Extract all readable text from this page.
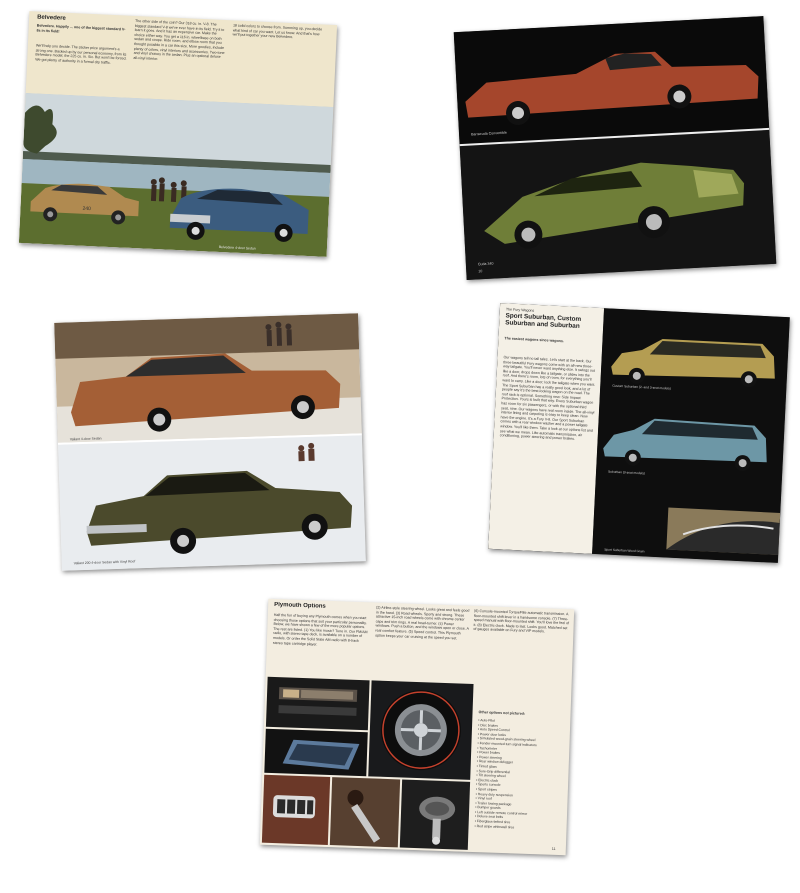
Belvedere
Belvedere. Happily ... one of the biggest standard V-8s in its field!
We'll help you decide. The sticker price argument's a strong one. Backed up by our personal economy, from its Belvedere model, the 225 cu. in. Six. But won't be forced. We got plenty of authority in a formal city traffic.
The other side of the coin? Our 318 cu. in. V-8. The biggest standard V-8 we've ever have in its field. Try it to learn it goes. And it has an expensive car. Make the choice either way. You get a 116 in. wheelbase on both sedan and coupe. Ride room, and elbow room that you thought possible in a car this size. More goodies, include plenty of colors, vinyl interiors and accessories. Two-tone and vinyl choices in the sedan. Plus an optional deluxe all-vinyl interior.
18 solid colors to choose from. Summing up, you decide what kind of car you want. Let us know. And that's how we'll put together your new Belvedere.
240
Belvedere 4-door Sedan
Barracuda Convertible
Cuda 340
10
Valiant 4-door Sedan
Valiant 200 4-door Sedan with Vinyl Roof
The Fury Wagons
Sport Suburban, Custom Suburban and Suburban
The easiest wagons since wagons.
Our wagons tell no tall tales. Let's start at the back. Our three beautiful Fury wagons come with an all-new three-way tailgate. You'll never want anything else. It swings out like a door, drops down like a tailgate, or slides into the roof. And there's room, lots of room, for everything you'll want to carry. Like a door; lock the tailgate when you want. The Sport Suburban has a really good look, and a lot of people say it's the best-looking wagon on the road. The roof rack is optional. Something new: Side Impact Protection. Yours is built that way. Every Suburban wagon has room for six passengers, or with the optional third seat, nine. Our wagons have real room inside. The all-vinyl interior lining and carpeting is easy to keep clean. Now have the engine. It's a Fury V-8. Our Sport Suburban comes with a rear window washer and a power tailgate window. You'll like them. Take a look at our options list and see what we mean. Like automatic transmission, air conditioning, power steering and power brakes.
Custom Suburban (2- and 3-seat models)
Suburban (3-seat models)
Sport Suburban Wood Grain
Plymouth Options
Half the fun of buying any Plymouth comes when you start choosing those options that suit your particular personality. Below, we have shown a few of the more popular options. The rest are listed. (1) You like music? Tune in. Our FM/AM radio, with stereo tape deck, is available on a number of models. Or order the Solid State AM radio with 8-track stereo tape cartridge player.
(2) Airline-style steering wheel. Looks great and feels good in the hand. (3) Road wheels. Sporty and strong. These attractive 15-inch road wheels come with chrome center caps and trim rings. A real head-turner. (4) Power windows. Push a button, and the windows open or close. A real comfort feature. (5) Speed control. This Plymouth option keeps your car cruising at the speed you set.
(6) Console-mounted TorqueFlite automatic transmission. A floor-mounted shift lever in a handsome console. (7) Three-speed manual with floor-mounted shift. You'll love the feel of it. (8) Electric clock. Made to last. Looks good. Matched set of gauges available on Fury and VIP models.
Other options not pictured:
• Auto-Pilot
• Disc brakes
• Auto Speed Control
• Power door locks
• Simulated wood-grain steering wheel
• Fender-mounted turn signal indicators
• Tachometer
• Power brakes
• Power steering
• Rear window defogger
• Tinted glass
• Sure-Grip differential
• Tilt steering wheel
• Electric clock
• Sports console
• Sport stripes
• Heavy duty suspension
• Vinyl roof
• Trailer towing package
• Bumper guards
• Left outside remote control mirror
• Deluxe seat belts
• Fiberglass-belted tires
• Red stripe whitewall tires
11
